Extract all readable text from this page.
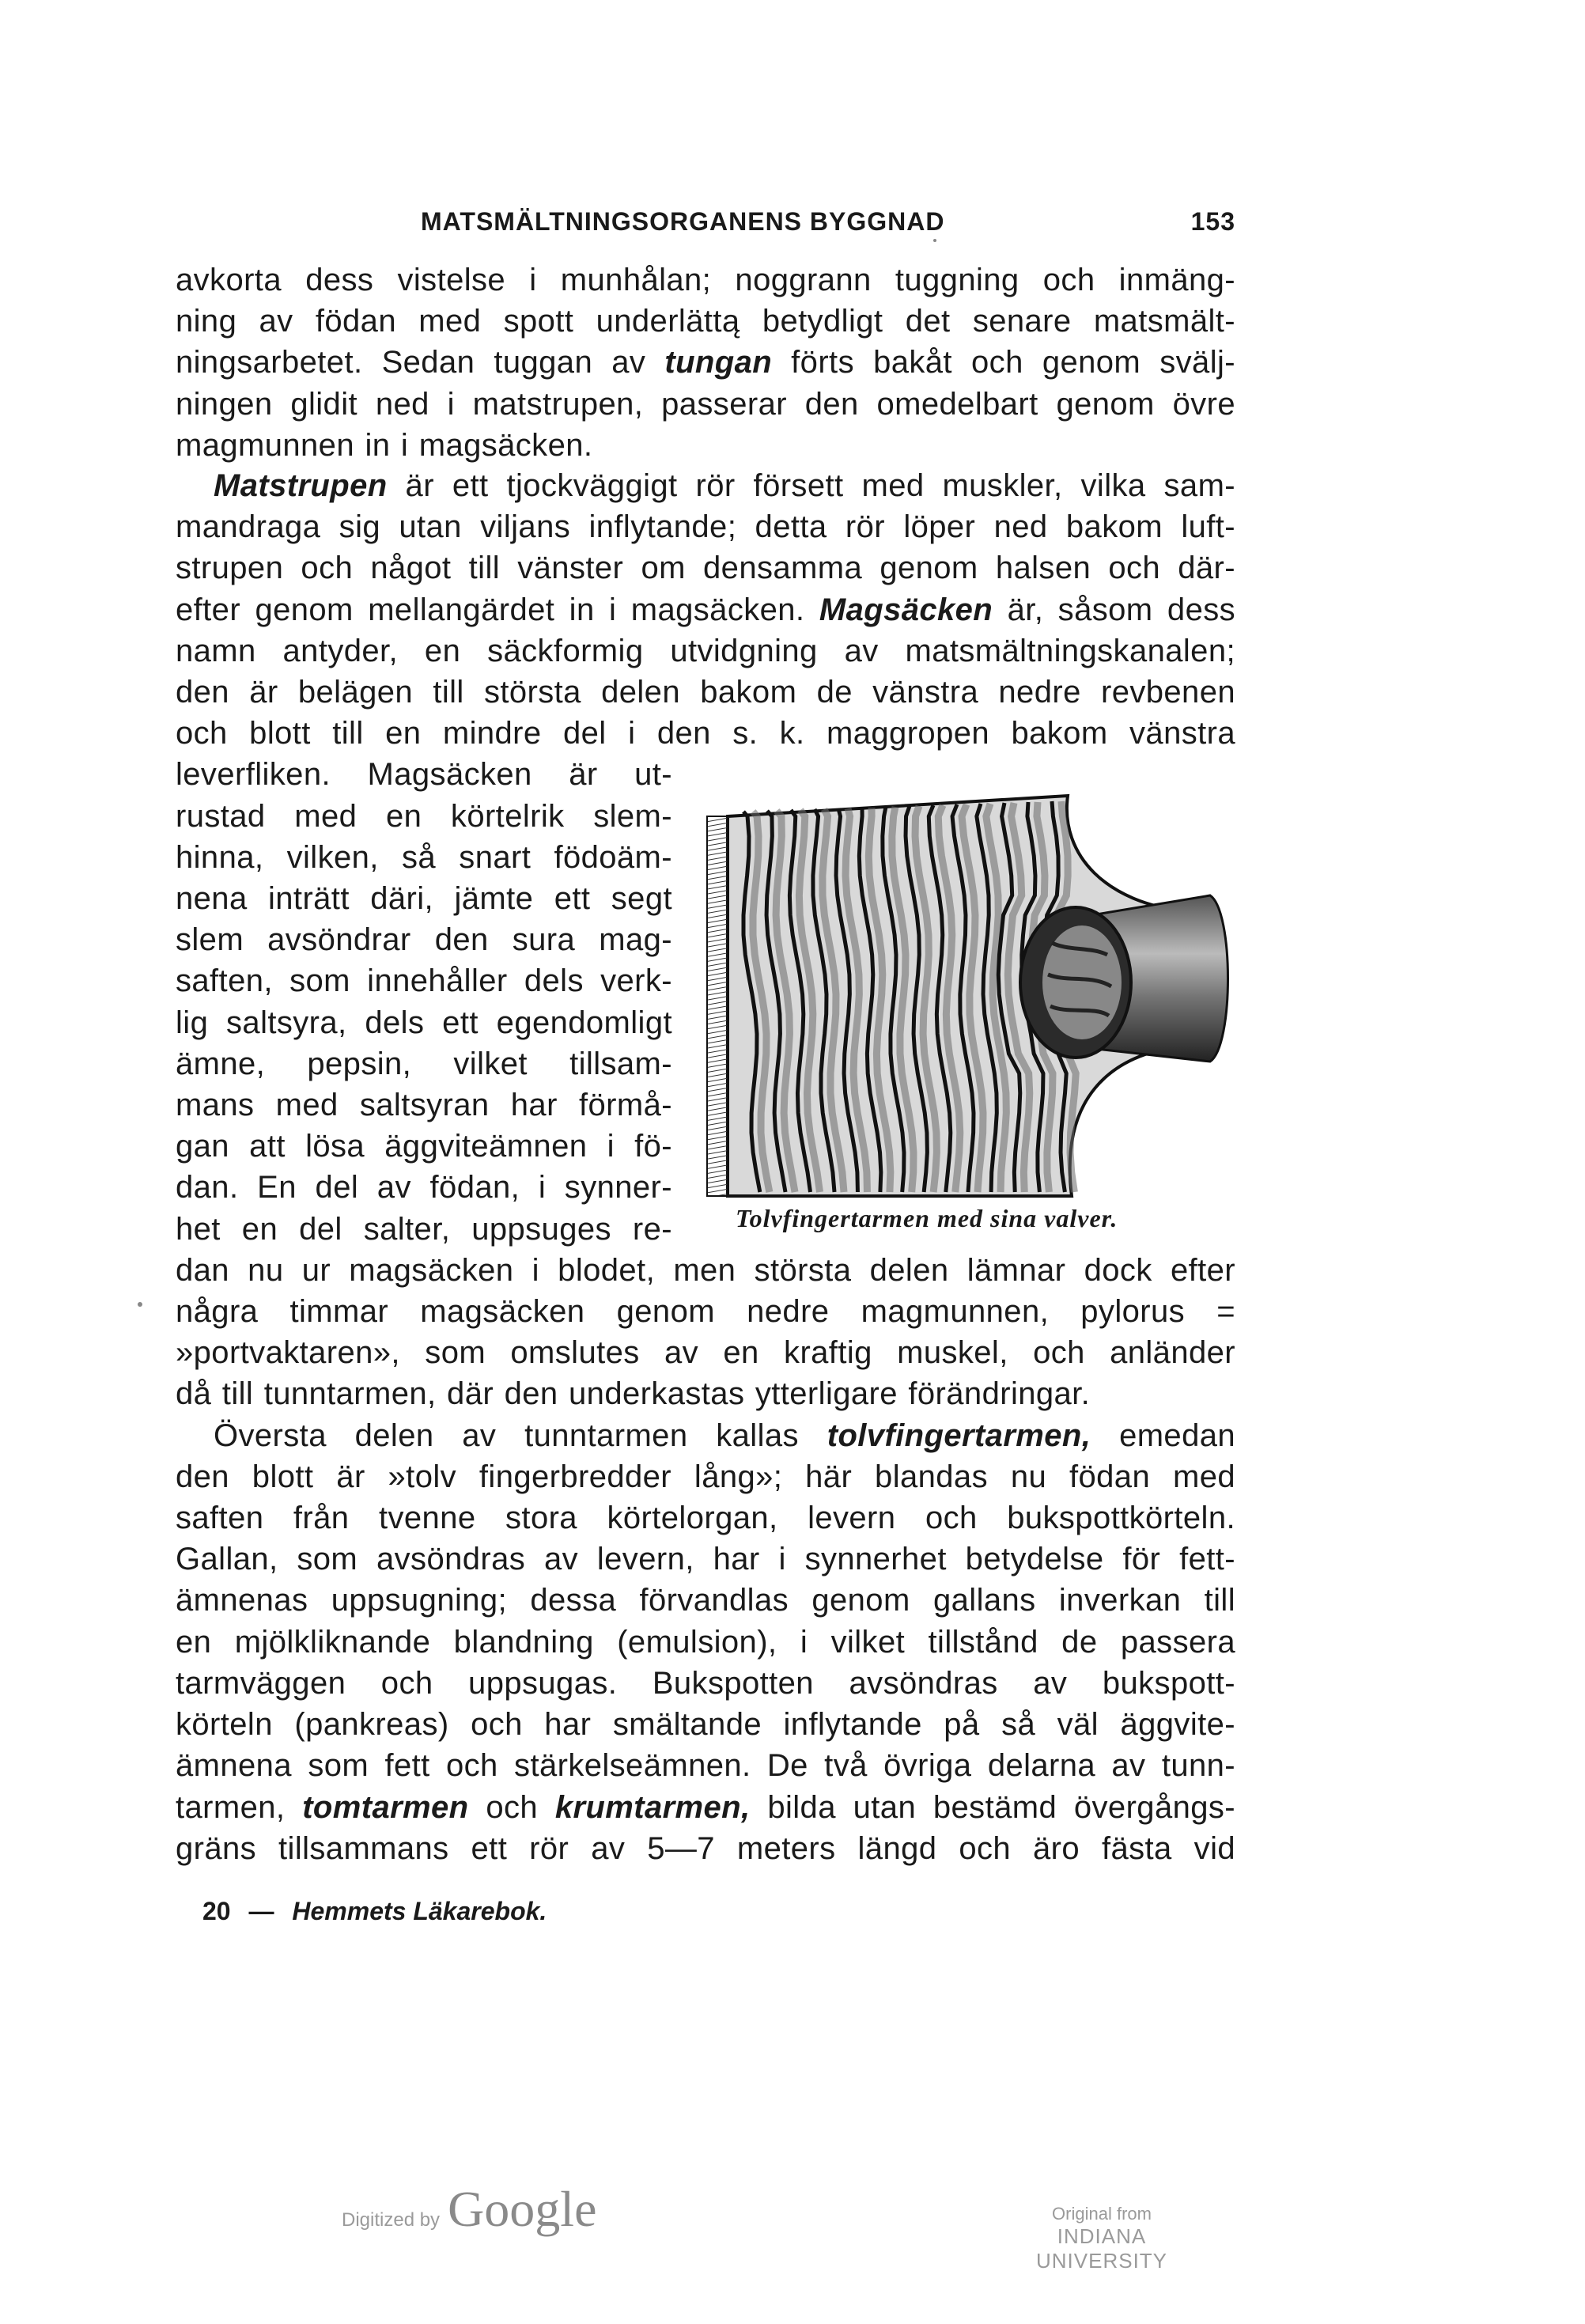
MATSMÄLTNINGSORGANENS BYGGNAD	153
avkorta dess vistelse i munhålan; noggrann tuggning och inmäng-
ning av födan med spott underlättą betydligt det senare matsmält-
ningsarbetet. Sedan tuggan av tungan förts bakåt och genom svälj-
ningen glidit ned i matstrupen, passerar den omedelbart genom övre
magmunnen in i magsäcken.
Matstrupen är ett tjockväggigt rör försett med muskler, vilka sam-
mandraga sig utan viljans inflytande; detta rör löper ned bakom luft-
strupen och något till vänster om densamma genom halsen och där-
efter genom mellangärdet in i magsäcken. Magsäcken är, såsom dess
namn antyder, en säckformig utvidgning av matsmältningskanalen;
den är belägen till största delen bakom de vänstra nedre revbenen
och blott till en mindre del i den s. k. maggropen bakom vänstra
leverfliken. Magsäcken är ut-
rustad med en körtelrik slem-
hinna, vilken, så snart födoäm-
nena inträtt däri, jämte ett segt
slem avsöndrar den sura mag-
saften, som innehåller dels verk-
lig saltsyra, dels ett egendomligt
ämne, pepsin, vilket tillsam-
mans med saltsyran har förmå-
gan att lösa äggviteämnen i fö-
dan. En del av födan, i synner-
het en del salter, uppsuges re-
dan nu ur magsäcken i blodet, men största delen lämnar dock efter
några timmar magsäcken genom nedre magmunnen, pylorus =
»portvaktaren», som omslutes av en kraftig muskel, och anländer
då till tunntarmen, där den underkastas ytterligare förändringar.
Översta delen av tunntarmen kallas tolvfingertarmen, emedan
den blott är »tolv fingerbredder lång»; här blandas nu födan med
saften från tvenne stora körtelorgan, levern och bukspottkörteln.
Gallan, som avsöndras av levern, har i synnerhet betydelse för fett-
ämnenas uppsugning; dessa förvandlas genom gallans inverkan till
en mjölkliknande blandning (emulsion), i vilket tillstånd de passera
tarmväggen och uppsugas. Bukspotten avsöndras av bukspott-
körteln (pankreas) och har smältande inflytande på så väl äggvite-
ämnena som fett och stärkelseämnen. De två övriga delarna av tunn-
tarmen, tomtarmen och krumtarmen, bilda utan bestämd övergångs-
gräns tillsammans ett rör av 5—7 meters längd och äro fästa vid
Tolvfingertarmen med sina valver.
20 — Hemmets Läkarebok.
Digitized by Google	Original from
INDIANA UNIVERSITY
